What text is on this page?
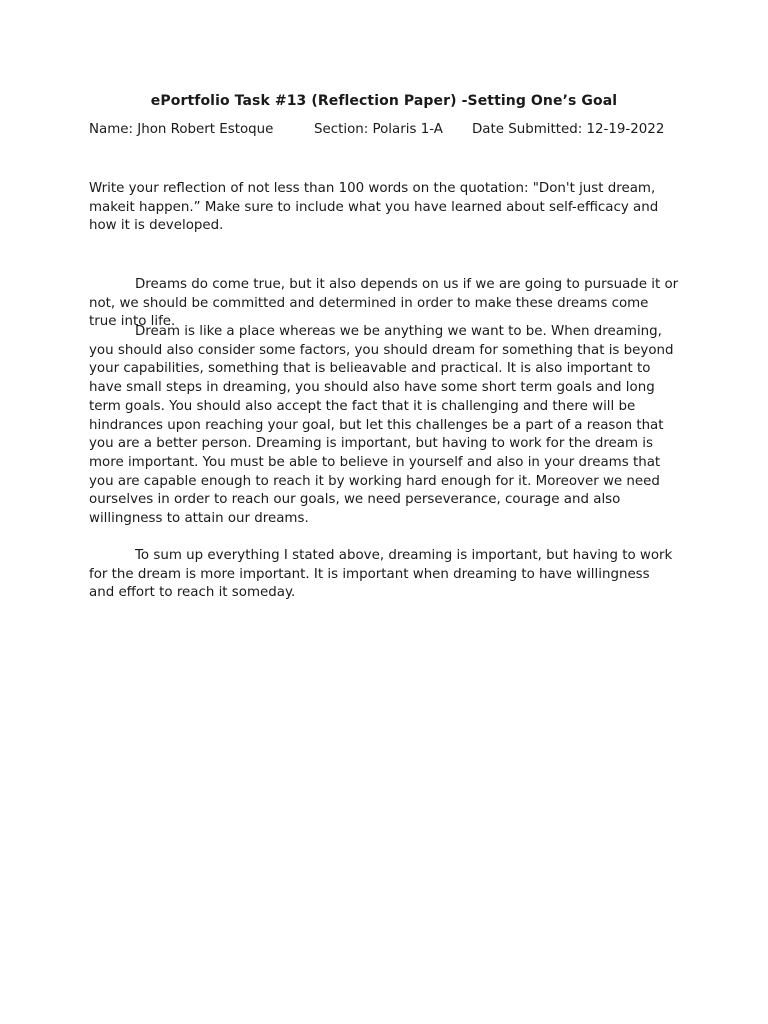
ePortfolio Task #13 (Reflection Paper) -Setting One’s Goal
Name: Jhon Robert Estoque	Section: Polaris 1-A Date Submitted: 12-19-2022
Write your reflection of not less than 100 words on the quotation: "Don't just dream, makeit happen.” Make sure to include what you have learned about self-efficacy and how it is developed.

Dreams do come true, but it also depends on us if we are going to pursuade it or not, we should be committed and determined in order to make these dreams come true into life.

Dream is like a place whereas we be anything we want to be. When dreaming, you should also consider some factors, you should dream for something that is beyond your capabilities, something that is belieavable and practical. It is also important to have small steps in dreaming, you should also have some short term goals and long term goals. You should also accept the fact that it is challenging and there will be hindrances upon reaching your goal, but let this challenges be a part of a reason that you are a better person. Dreaming is important, but having to work for the dream is more important. You must be able to believe in yourself and also in your dreams that you are capable enough to reach it by working hard enough for it. Moreover we need ourselves in order to reach our goals, we need perseverance, courage and also willingness to attain our dreams.

To sum up everything I stated above, dreaming is important, but having to work for the dream is more important. It is important when dreaming to have willingness and effort to reach it someday.
